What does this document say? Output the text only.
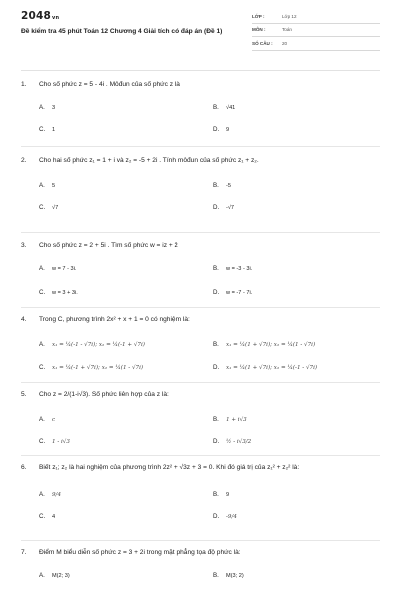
2048vn
Đề kiểm tra 45 phút Toán 12 Chương 4 Giải tích có đáp án (Đề 1)
LỚP :	Lớp 12
MÔN :	Toán
SỐ CÂU :	20
1.	Cho số phức z = 5 - 4i . Môđun của số phức z là
A. 3	B. √41
C. 1	D. 9
2.	Cho hai số phức z₁ = 1 + i và z₂ = -5 + 2i . Tính môđun của số phức z₁ + z₂.
A. 5	B. -5
C. √7	D. -√7
3.	Cho số phức z = 2 + 5i . Tìm số phức w = iz + z̄
A. w = 7 - 3i.	B. w = -3 - 3i.
C. w = 3 + 3i.	D. w = -7 - 7i.
4.	Trong C, phương trình 2x² + x + 1 = 0 có nghiệm là:
A. x₁ = ¼(-1 - √7i); x₂ = ¼(-1 + √7i)	B. x₁ = ¼(1 + √7i); x₂ = ¼(1 - √7i)
C. x₁ = ¼(-1 + √7i); x₂ = ¼(1 - √7i)	D. x₁ = ¼(1 + √7i); x₂ = ¼(-1 - √7i)
5.	Cho z = 2/(1-i√3). Số phức liên hợp của z là:
A. c	B. 1 + i√3
C. 1 - i√3	D. ½ - i√3/2
6.	Biết z₁; z₂ là hai nghiệm của phương trình 2z² + √3z + 3 = 0. Khi đó giá trị của z₁² + z₂² là:
A. 9/4	B. 9
C. 4	D. -9/4
7.	Điểm M biểu diễn số phức z = 3 + 2i trong mặt phẳng tọa độ phức là:
A. M(2; 3)	B. M(3; 2)
